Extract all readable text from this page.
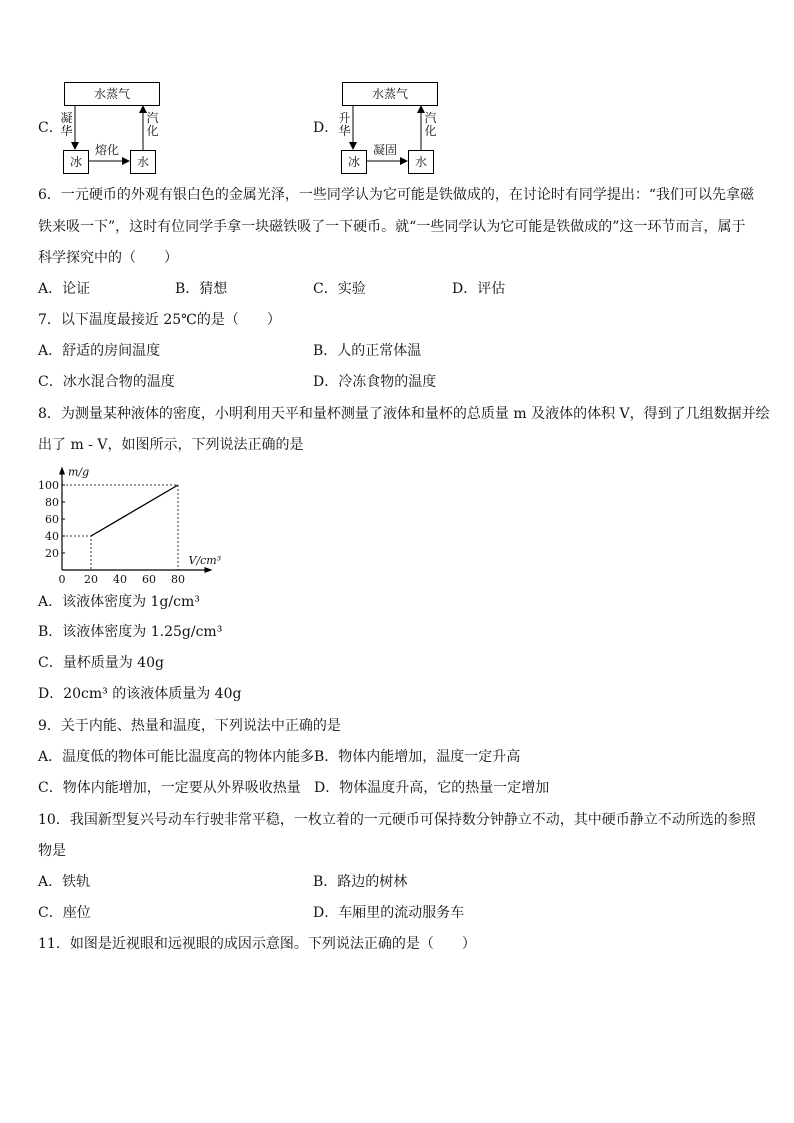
C．
水蒸气
冰	水
凝华
汽化
熔化
D．
水蒸气
冰	水
升华
汽化
凝固
6．一元硬币的外观有银白色的金属光泽，一些同学认为它可能是铁做成的，在讨论时有同学提出：“我们可以先拿磁
铁来吸一下”，这时有位同学手拿一块磁铁吸了一下硬币。就“一些同学认为它可能是铁做成的”这一环节而言，属于
科学探究中的（　　）
A．论证	B．猜想	C．实验	D．评估
7．以下温度最接近 25℃的是（　　）
A．舒适的房间温度	B．人的正常体温
C．冰水混合物的温度	D．冷冻食物的温度
8．为测量某种液体的密度，小明利用天平和量杯测量了液体和量杯的总质量 m 及液体的体积 V，得到了几组数据并绘
出了 m - V，如图所示，下列说法正确的是
0 20 40 60 80
20
40
60
80
100
m/g
V/cm³
A．该液体密度为 1g/cm³
B．该液体密度为 1.25g/cm³
C．量杯质量为 40g
D．20cm³ 的该液体质量为 40g
9．关于内能、热量和温度，下列说法中正确的是
A．温度低的物体可能比温度高的物体内能多 B．物体内能增加，温度一定升高
C．物体内能增加，一定要从外界吸收热量 D．物体温度升高，它的热量一定增加
10．我国新型复兴号动车行驶非常平稳，一枚立着的一元硬币可保持数分钟静立不动，其中硬币静立不动所选的参照
物是
A．铁轨	B．路边的树林
C．座位	D．车厢里的流动服务车
11．如图是近视眼和远视眼的成因示意图。下列说法正确的是（　　）
